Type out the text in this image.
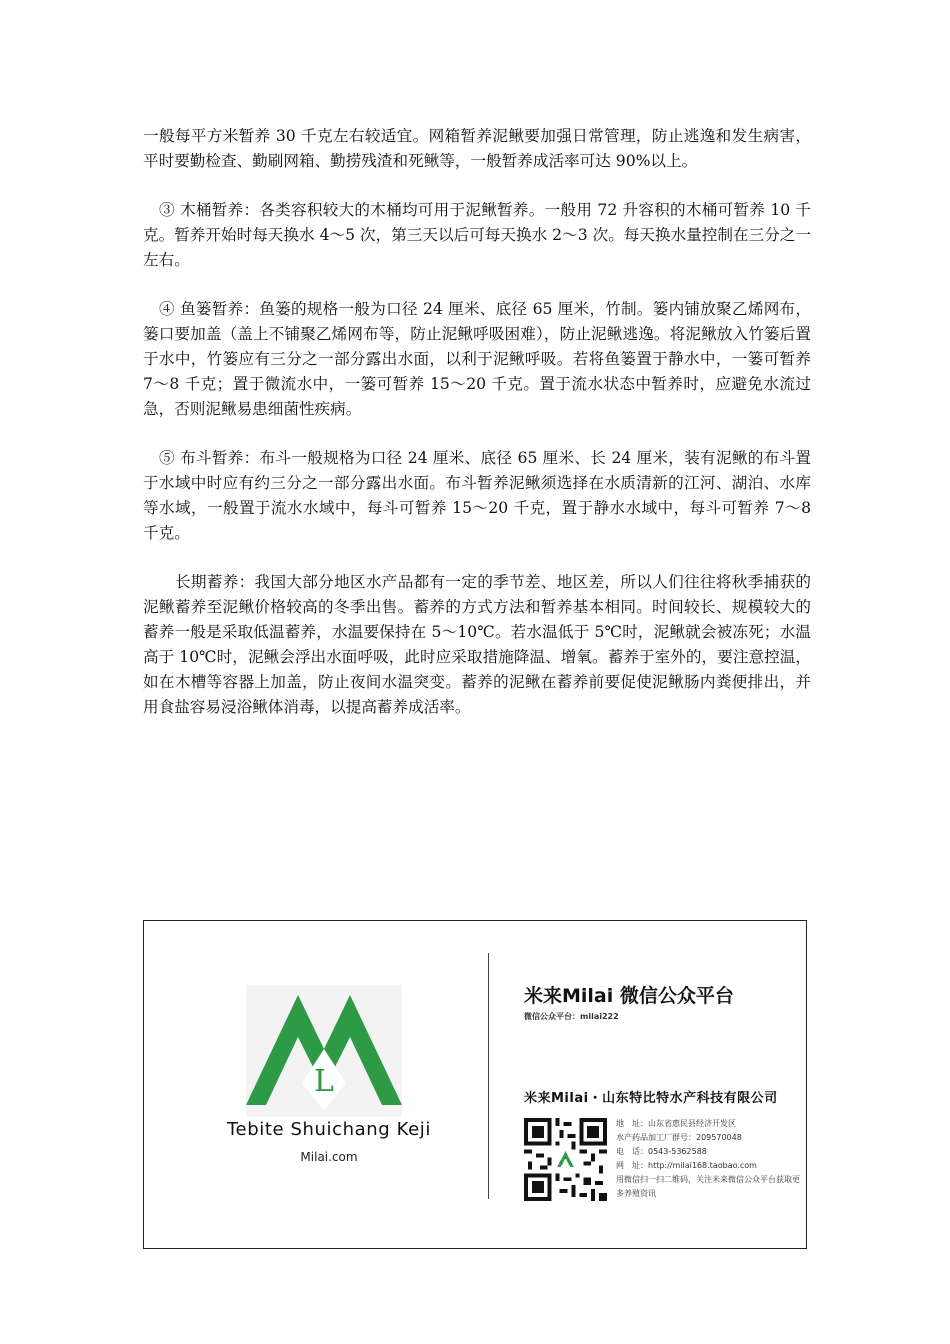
一般每平方米暂养 30 千克左右较适宜。网箱暂养泥鳅要加强日常管理，防止逃逸和发生病害，平时要勤检查、勤刷网箱、勤捞残渣和死鳅等，一般暂养成活率可达 90%以上。

③ 木桶暂养：各类容积较大的木桶均可用于泥鳅暂养。一般用 72 升容积的木桶可暂养 10 千克。暂养开始时每天换水 4～5 次，第三天以后可每天换水 2～3 次。每天换水量控制在三分之一左右。

④ 鱼篓暂养：鱼篓的规格一般为口径 24 厘米、底径 65 厘米，竹制。篓内铺放聚乙烯网布，篓口要加盖（盖上不铺聚乙烯网布等，防止泥鳅呼吸困难），防止泥鳅逃逸。将泥鳅放入竹篓后置于水中，竹篓应有三分之一部分露出水面，以利于泥鳅呼吸。若将鱼篓置于静水中，一篓可暂养 7～8 千克；置于微流水中，一篓可暂养 15～20 千克。置于流水状态中暂养时，应避免水流过急，否则泥鳅易患细菌性疾病。

⑤ 布斗暂养：布斗一般规格为口径 24 厘米、底径 65 厘米、长 24 厘米，装有泥鳅的布斗置于水域中时应有约三分之一部分露出水面。布斗暂养泥鳅须选择在水质清新的江河、湖泊、水库等水域，一般置于流水水域中，每斗可暂养 15～20 千克，置于静水水域中，每斗可暂养 7～8 千克。

长期蓄养：我国大部分地区水产品都有一定的季节差、地区差，所以人们往往将秋季捕获的泥鳅蓄养至泥鳅价格较高的冬季出售。蓄养的方式方法和暂养基本相同。时间较长、规模较大的蓄养一般是采取低温蓄养，水温要保持在 5～10℃。若水温低于 5℃时，泥鳅就会被冻死；水温高于 10℃时，泥鳅会浮出水面呼吸，此时应采取措施降温、增氧。蓄养于室外的，要注意控温，如在木槽等容器上加盖，防止夜间水温突变。蓄养的泥鳅在蓄养前要促使泥鳅肠内粪便排出，并用食盐容易浸浴鳅体消毒，以提高蓄养成活率。

L
Tebite Shuichang Keji
Milai.com
米来Milai 微信公众平台
微信公众平台：milai222
米来Milai・山东特比特水产科技有限公司
地　址：山东省惠民县经济开发区
水产药品加工厂群号：209570048
电　话：0543-5362588
网　址：http://milai168.taobao.com
用微信扫一扫二维码，关注米来微信公众平台获取更多养殖资讯
